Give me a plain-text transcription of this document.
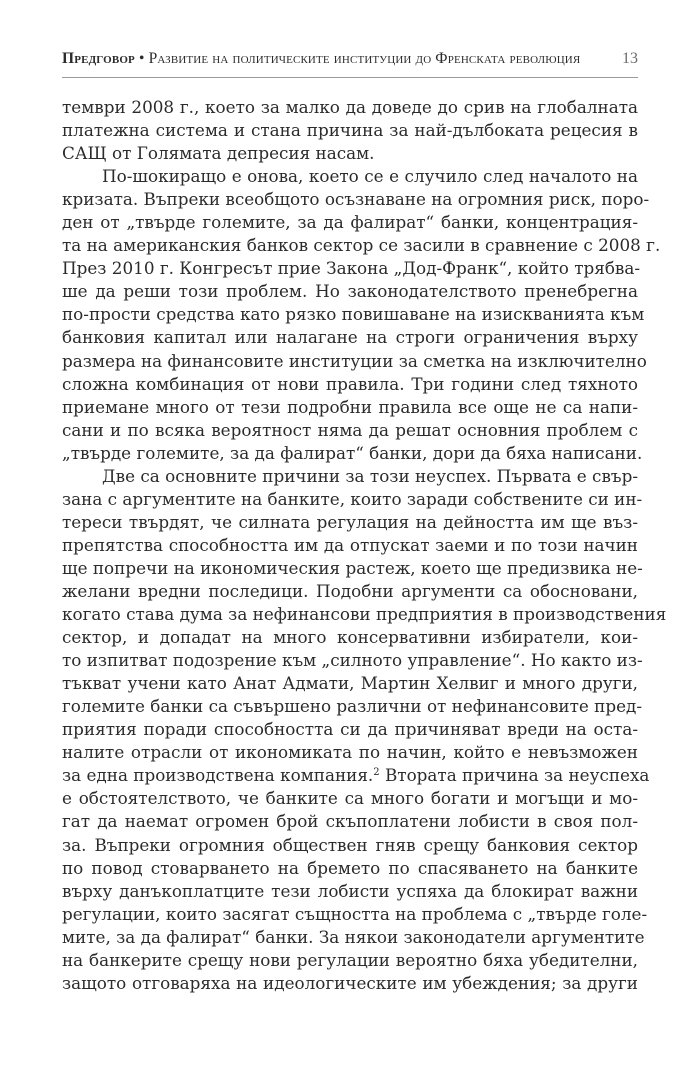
Предговор • Развитие на политическите институции до Френската революция	13
тември 2008 г., което за малко да доведе до срив на глобалната
платежна система и стана причина за най-дълбоката рецесия в
САЩ от Голямата депресия насам.
По-шокиращо е онова, което се е случило след началото на
кризата. Въпреки всеобщото осъзнаване на огромния риск, поро-
ден от „твърде големите, за да фалират“ банки, концентрация-
та на американския банков сектор се засили в сравнение с 2008 г.
През 2010 г. Конгресът прие Закона „Дод-Франк“, който трябва-
ше да реши този проблем. Но законодателството пренебрегна
по-прости средства като рязко повишаване на изискванията към
банковия капитал или налагане на строги ограничения върху
размера на финансовите институции за сметка на изключително
сложна комбинация от нови правила. Три години след тяхното
приемане много от тези подробни правила все още не са напи-
сани и по всяка вероятност няма да решат основния проблем с
„твърде големите, за да фалират“ банки, дори да бяха написани.
Две са основните причини за този неуспех. Първата е свър-
зана с аргументите на банките, които заради собствените си ин-
тереси твърдят, че силната регулация на дейността им ще въз-
препятства способността им да отпускат заеми и по този начин
ще попречи на икономическия растеж, което ще предизвика не-
желани вредни последици. Подобни аргументи са обосновани,
когато става дума за нефинансови предприятия в производствения
сектор, и допадат на много консервативни избиратели, кои-
то изпитват подозрение към „силното управление“. Но както из-
тъкват учени като Анат Адмати, Мартин Хелвиг и много други,
големите банки са съвършено различни от нефинансовите пред-
приятия поради способността си да причиняват вреди на оста-
налите отрасли от икономиката по начин, който е невъзможен
за една производствена компания.$^2$ Втората причина за неуспеха
е обстоятелството, че банките са много богати и могъщи и мо-
гат да наемат огромен брой скъпоплатени лобисти в своя пол-
за. Въпреки огромния обществен гняв срещу банковия сектор
по повод стоварването на бремето по спасяването на банките
върху данъкоплатците тези лобисти успяха да блокират важни
регулации, които засягат същността на проблема с „твърде голе-
мите, за да фалират“ банки. За някои законодатели аргументите
на банкерите срещу нови регулации вероятно бяха убедителни,
защото отговаряха на идеологическите им убеждения; за други
